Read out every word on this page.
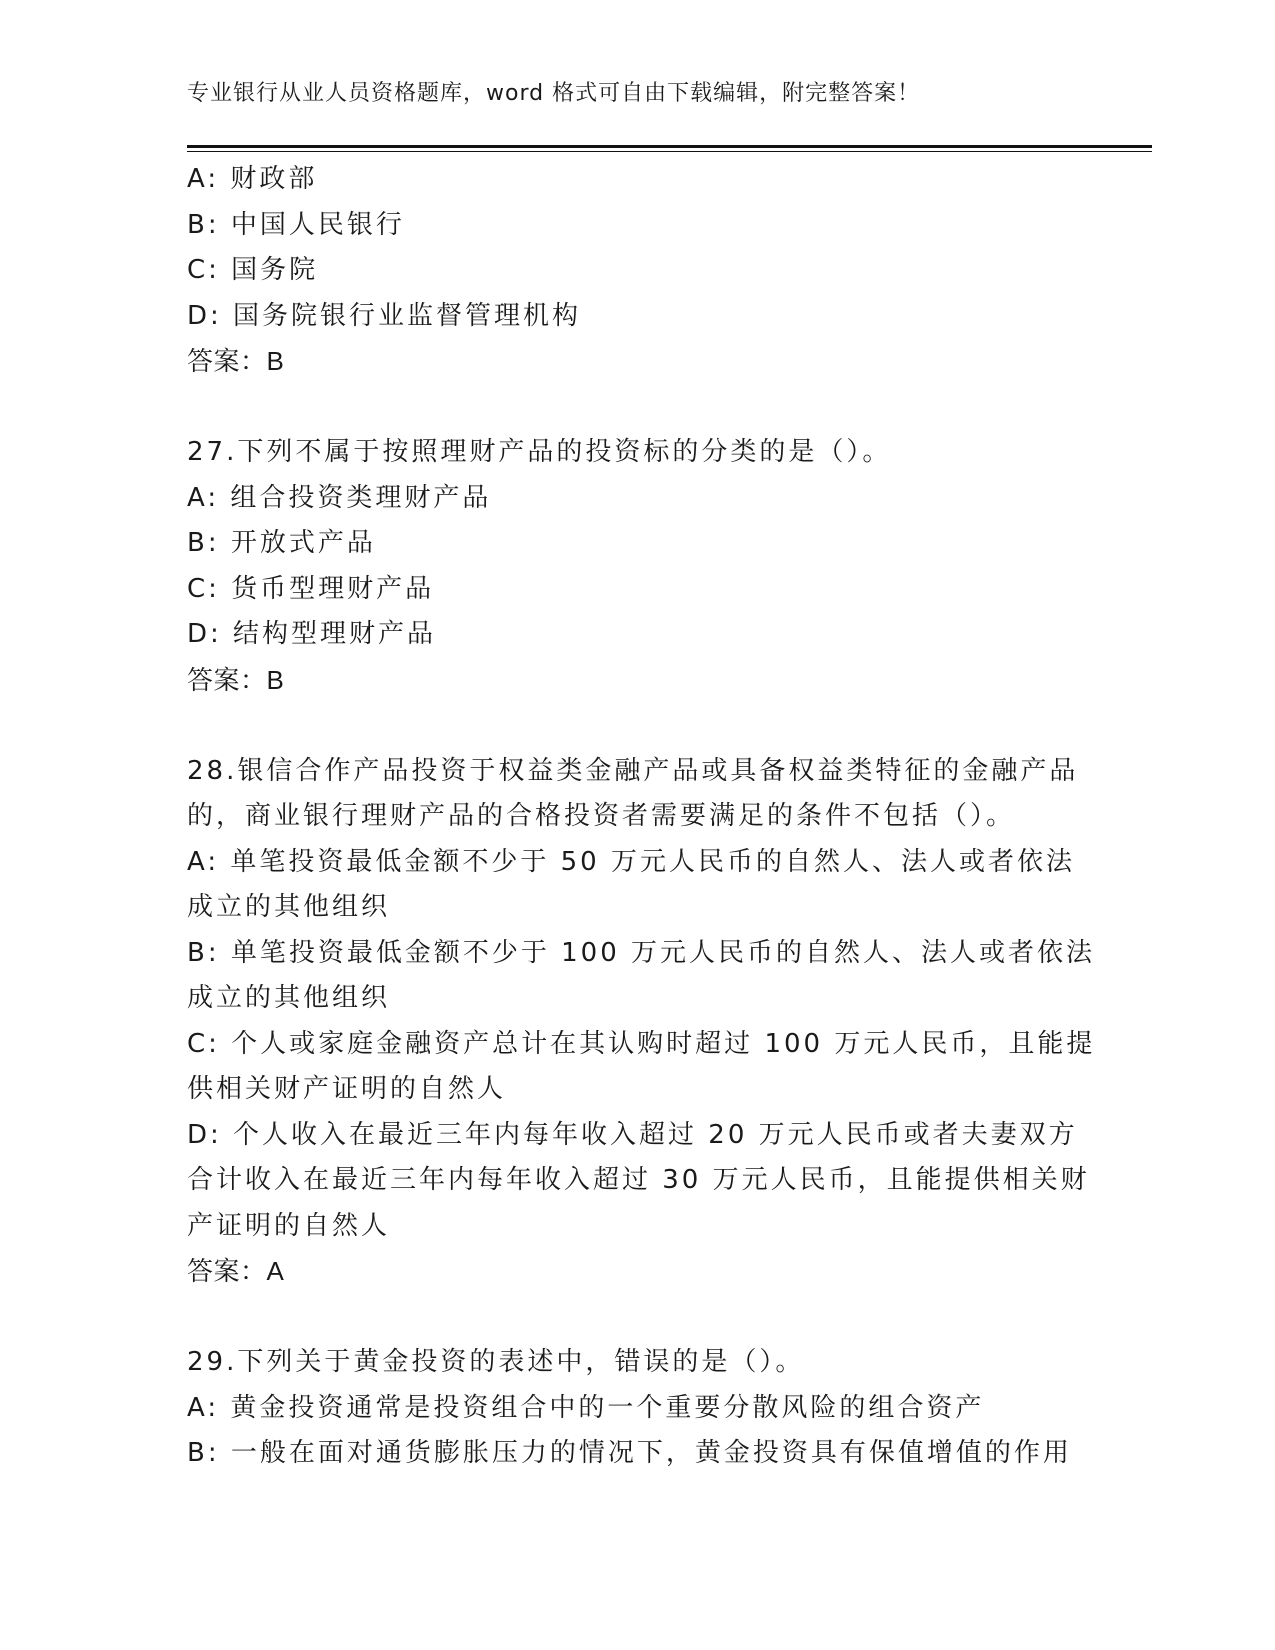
专业银行从业人员资格题库，word 格式可自由下载编辑，附完整答案！
A: 财政部
B: 中国人民银行
C: 国务院
D: 国务院银行业监督管理机构
答案：B
27.下列不属于按照理财产品的投资标的分类的是（）。
A: 组合投资类理财产品
B: 开放式产品
C: 货币型理财产品
D: 结构型理财产品
答案：B
28.银信合作产品投资于权益类金融产品或具备权益类特征的金融产品
的，商业银行理财产品的合格投资者需要满足的条件不包括（）。
A: 单笔投资最低金额不少于 50 万元人民币的自然人、法人或者依法
成立的其他组织
B: 单笔投资最低金额不少于 100 万元人民币的自然人、法人或者依法
成立的其他组织
C: 个人或家庭金融资产总计在其认购时超过 100 万元人民币，且能提
供相关财产证明的自然人
D: 个人收入在最近三年内每年收入超过 20 万元人民币或者夫妻双方
合计收入在最近三年内每年收入超过 30 万元人民币，且能提供相关财
产证明的自然人
答案：A
29.下列关于黄金投资的表述中，错误的是（）。
A: 黄金投资通常是投资组合中的一个重要分散风险的组合资产
B: 一般在面对通货膨胀压力的情况下，黄金投资具有保值增值的作用
